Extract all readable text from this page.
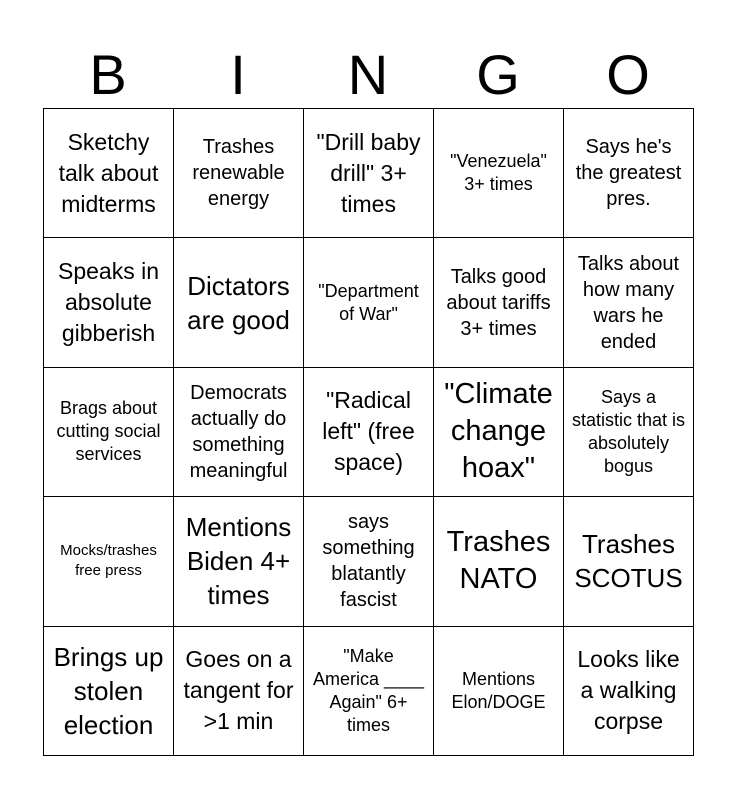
B	I	N	G	O
Sketchy talk about midterms	Trashes renewable energy	"Drill baby drill" 3+ times	"Venezuela" 3+ times	Says he's the greatest pres.
Speaks in absolute gibberish	Dictators are good	"Department of War"	Talks good about tariffs 3+ times	Talks about how many wars he ended
Brags about cutting social services	Democrats actually do something meaningful	"Radical left" (free space)	"Climate change hoax"	Says a statistic that is absolutely bogus
Mocks/trashes free press	Mentions Biden 4+ times	says something blatantly fascist	Trashes NATO	Trashes SCOTUS
Brings up stolen election	Goes on a tangent for >1 min	"Make America ____ Again" 6+ times	Mentions Elon/DOGE	Looks like a walking corpse
